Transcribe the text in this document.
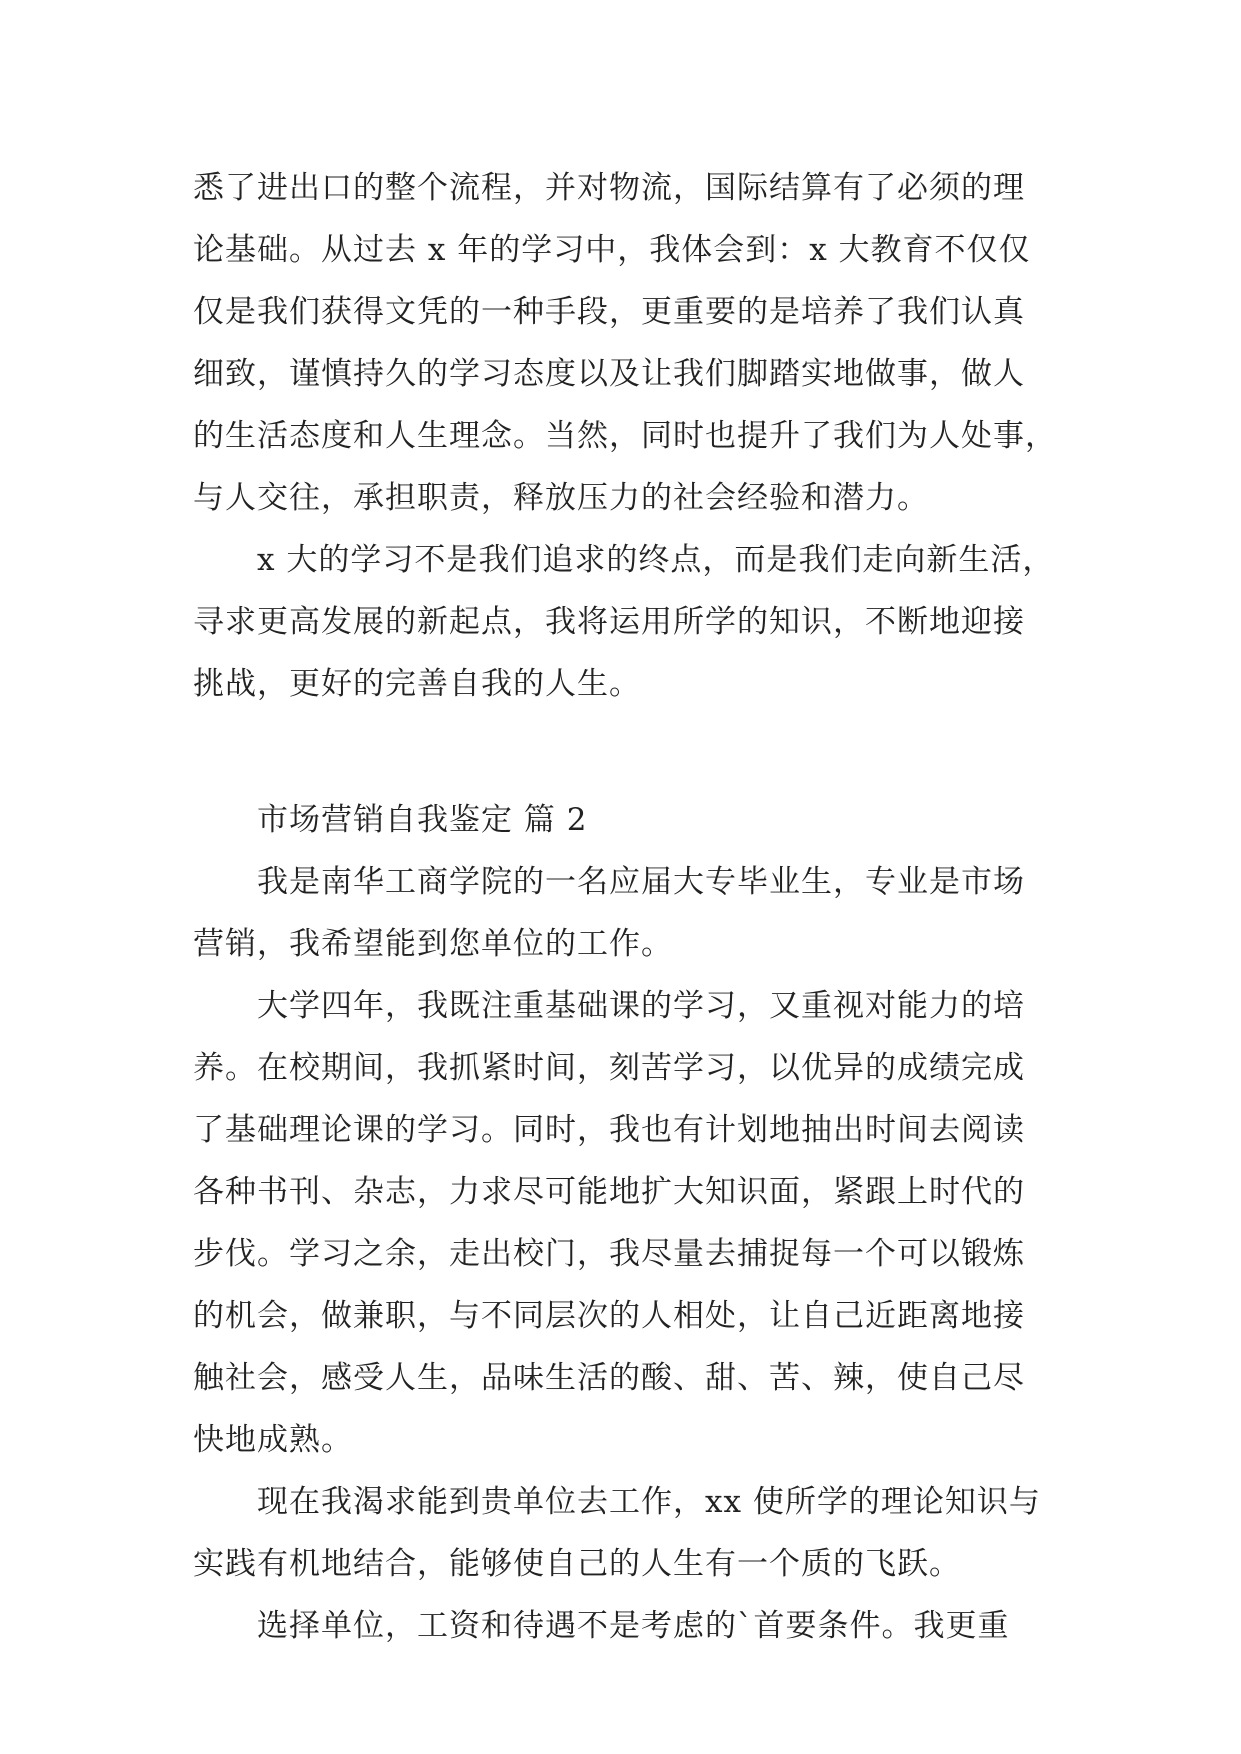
悉了进出口的整个流程，并对物流，国际结算有了必须的理
论基础。从过去 x 年的学习中，我体会到：x 大教育不仅仅
仅是我们获得文凭的一种手段，更重要的是培养了我们认真
细致，谨慎持久的学习态度以及让我们脚踏实地做事，做人
的生活态度和人生理念。当然，同时也提升了我们为人处事，
与人交往，承担职责，释放压力的社会经验和潜力。
x 大的学习不是我们追求的终点，而是我们走向新生活，
寻求更高发展的新起点，我将运用所学的知识，不断地迎接
挑战，更好的完善自我的人生。
市场营销自我鉴定 篇 2
我是南华工商学院的一名应届大专毕业生，专业是市场
营销，我希望能到您单位的工作。
大学四年，我既注重基础课的学习，又重视对能力的培
养。在校期间，我抓紧时间，刻苦学习，以优异的成绩完成
了基础理论课的学习。同时，我也有计划地抽出时间去阅读
各种书刊、杂志，力求尽可能地扩大知识面，紧跟上时代的
步伐。学习之余，走出校门，我尽量去捕捉每一个可以锻炼
的机会，做兼职，与不同层次的人相处，让自己近距离地接
触社会，感受人生，品味生活的酸、甜、苦、辣，使自己尽
快地成熟。
现在我渴求能到贵单位去工作，xx 使所学的理论知识与
实践有机地结合，能够使自己的人生有一个质的飞跃。
选择单位，工资和待遇不是考虑的`首要条件。我更重
